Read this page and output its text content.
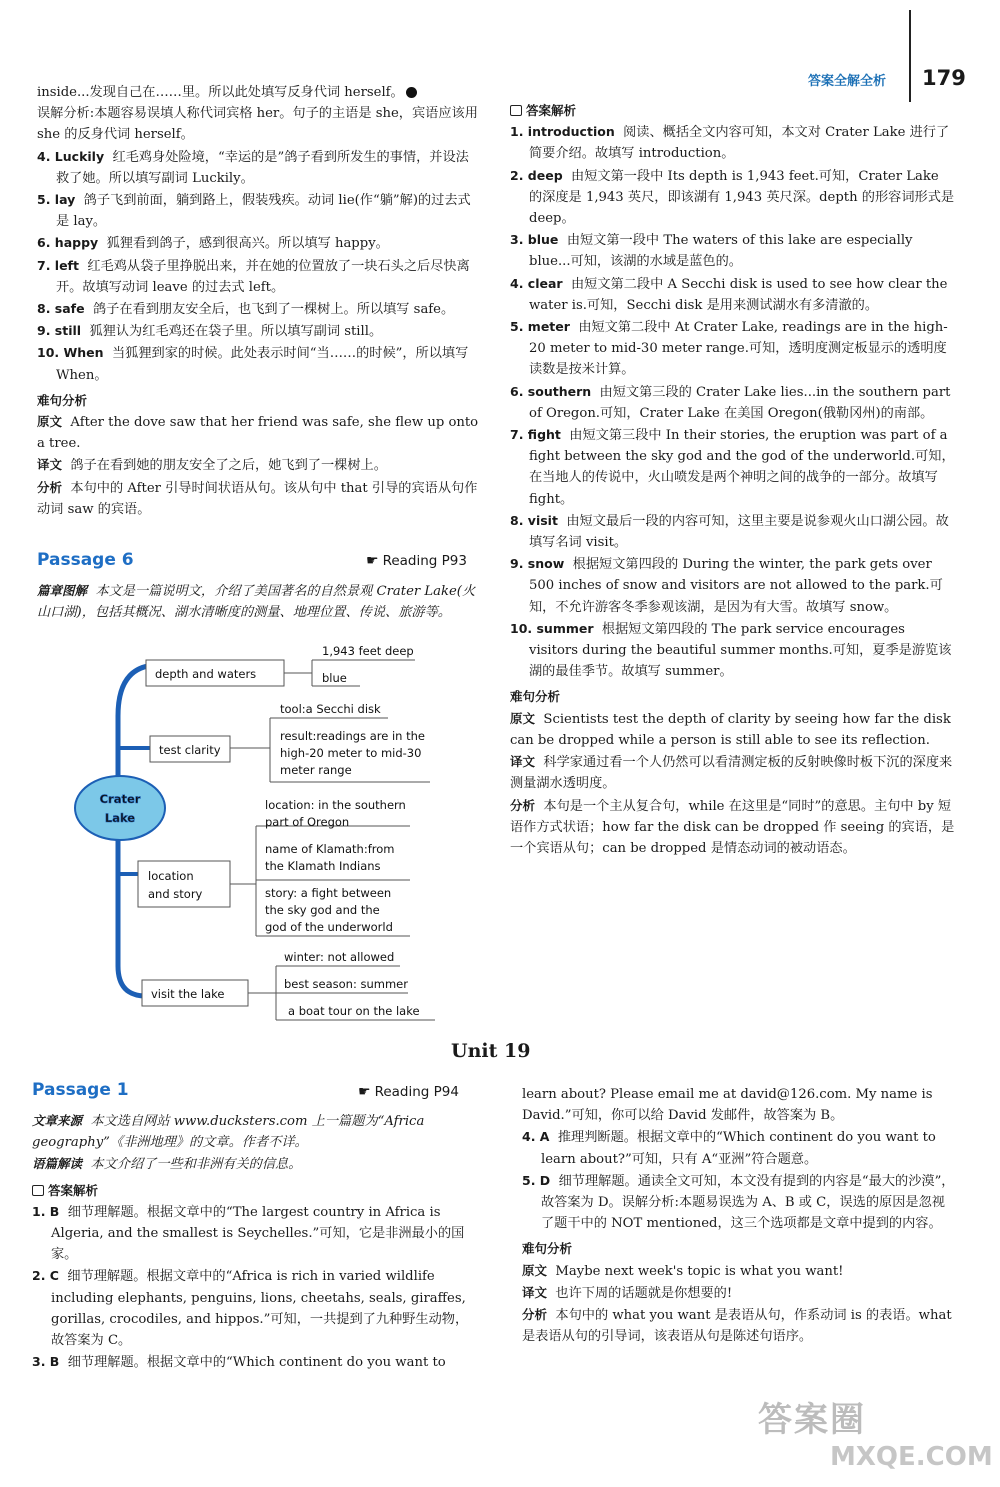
答案全解全析 179

inside...发现自己在……里。所以此处填写反身代词 herself。

误解分析:本题容易误填人称代词宾格 her。句子的主语是 she，宾语应该用 she 的反身代词 herself。

4. Luckily 红毛鸡身处险境，“幸运的是”鸽子看到所发生的事情，并设法救了她。所以填写副词 Luckily。

5. lay 鸽子飞到前面，躺到路上，假装残疾。动词 lie(作“躺”解)的过去式是 lay。

6. happy 狐狸看到鸽子，感到很高兴。所以填写 happy。

7. left 红毛鸡从袋子里挣脱出来，并在她的位置放了一块石头之后尽快离开。故填写动词 leave 的过去式 left。

8. safe 鸽子在看到朋友安全后，也飞到了一棵树上。所以填写 safe。

9. still 狐狸认为红毛鸡还在袋子里。所以填写副词 still。

10. When 当狐狸到家的时候。此处表示时间“当……的时候”，所以填写 When。

难句分析

原文 After the dove saw that her friend was safe, she flew up onto a tree.

译文 鸽子在看到她的朋友安全了之后，她飞到了一棵树上。

分析 本句中的 After 引导时间状语从句。该从句中 that 引导的宾语从句作动词 saw 的宾语。

Passage 6	☛ Reading P93

篇章图解 本文是一篇说明文，介绍了美国著名的自然景观 Crater Lake(火山口湖)，包括其概况、湖水清晰度的测量、地理位置、传说、旅游等。

Crater
Lake
depth and waters
1,943 feet deep
blue
test clarity
tool:a Secchi disk
result:readings are in the
high-20 meter to mid-30
meter range
location
and story
location: in the southern
part of Oregon
name of Klamath:from
the Klamath Indians
story: a fight between
the sky god and the
god of the underworld
visit the lake
winter: not allowed
best season: summer
a boat tour on the lake

答案解析

1. introduction 阅读、概括全文内容可知，本文对 Crater Lake 进行了简要介绍。故填写 introduction。

2. deep 由短文第一段中 Its depth is 1,943 feet.可知，Crater Lake 的深度是 1,943 英尺，即该湖有 1,943 英尺深。depth 的形容词形式是 deep。

3. blue 由短文第一段中 The waters of this lake are especially blue...可知，该湖的水域是蓝色的。

4. clear 由短文第二段中 A Secchi disk is used to see how clear the water is.可知，Secchi disk 是用来测试湖水有多清澈的。

5. meter 由短文第二段中 At Crater Lake, readings are in the high-20 meter to mid-30 meter range.可知，透明度测定板显示的透明度读数是按米计算。

6. southern 由短文第三段的 Crater Lake lies...in the southern part of Oregon.可知，Crater Lake 在美国 Oregon(俄勒冈州)的南部。

7. fight 由短文第三段中 In their stories, the eruption was part of a fight between the sky god and the god of the underworld.可知，在当地人的传说中，火山喷发是两个神明之间的战争的一部分。故填写 fight。

8. visit 由短文最后一段的内容可知，这里主要是说参观火山口湖公园。故填写名词 visit。

9. snow 根据短文第四段的 During the winter, the park gets over 500 inches of snow and visitors are not allowed to the park.可知，不允许游客冬季参观该湖，是因为有大雪。故填写 snow。

10. summer 根据短文第四段的 The park service encourages visitors during the beautiful summer months.可知，夏季是游览该湖的最佳季节。故填写 summer。

难句分析

原文 Scientists test the depth of clarity by seeing how far the disk can be dropped while a person is still able to see its reflection.

译文 科学家通过看一个人仍然可以看清测定板的反射映像时板下沉的深度来测量湖水透明度。

分析 本句是一个主从复合句，while 在这里是“同时”的意思。主句中 by 短语作方式状语；how far the disk can be dropped 作 seeing 的宾语，是一个宾语从句；can be dropped 是情态动词的被动语态。

Unit 19
Passage 1	☛ Reading P94

文章来源 本文选自网站 www.ducksters.com 上一篇题为“Africa geography”《非洲地理》的文章。作者不详。

语篇解读 本文介绍了一些和非洲有关的信息。

答案解析

1. B 细节理解题。根据文章中的“The largest country in Africa is Algeria, and the smallest is Seychelles.”可知，它是非洲最小的国家。

2. C 细节理解题。根据文章中的“Africa is rich in varied wildlife including elephants, penguins, lions, cheetahs, seals, giraffes, gorillas, crocodiles, and hippos.”可知，一共提到了九种野生动物，故答案为 C。

3. B 细节理解题。根据文章中的“Which continent do you want to

learn about? Please email me at david@126.com. My name is David.”可知，你可以给 David 发邮件，故答案为 B。

4. A 推理判断题。根据文章中的“Which continent do you want to learn about?”可知，只有 A“亚洲”符合题意。

5. D 细节理解题。通读全文可知，本文没有提到的内容是“最大的沙漠”，故答案为 D。误解分析:本题易误选为 A、B 或 C，误选的原因是忽视了题干中的 NOT mentioned，这三个选项都是文章中提到的内容。

难句分析

原文 Maybe next week's topic is what you want!

译文 也许下周的话题就是你想要的!

分析 本句中的 what you want 是表语从句，作系动词 is 的表语。what 是表语从句的引导词，该表语从句是陈述句语序。

答案圈
MXQE.COM
